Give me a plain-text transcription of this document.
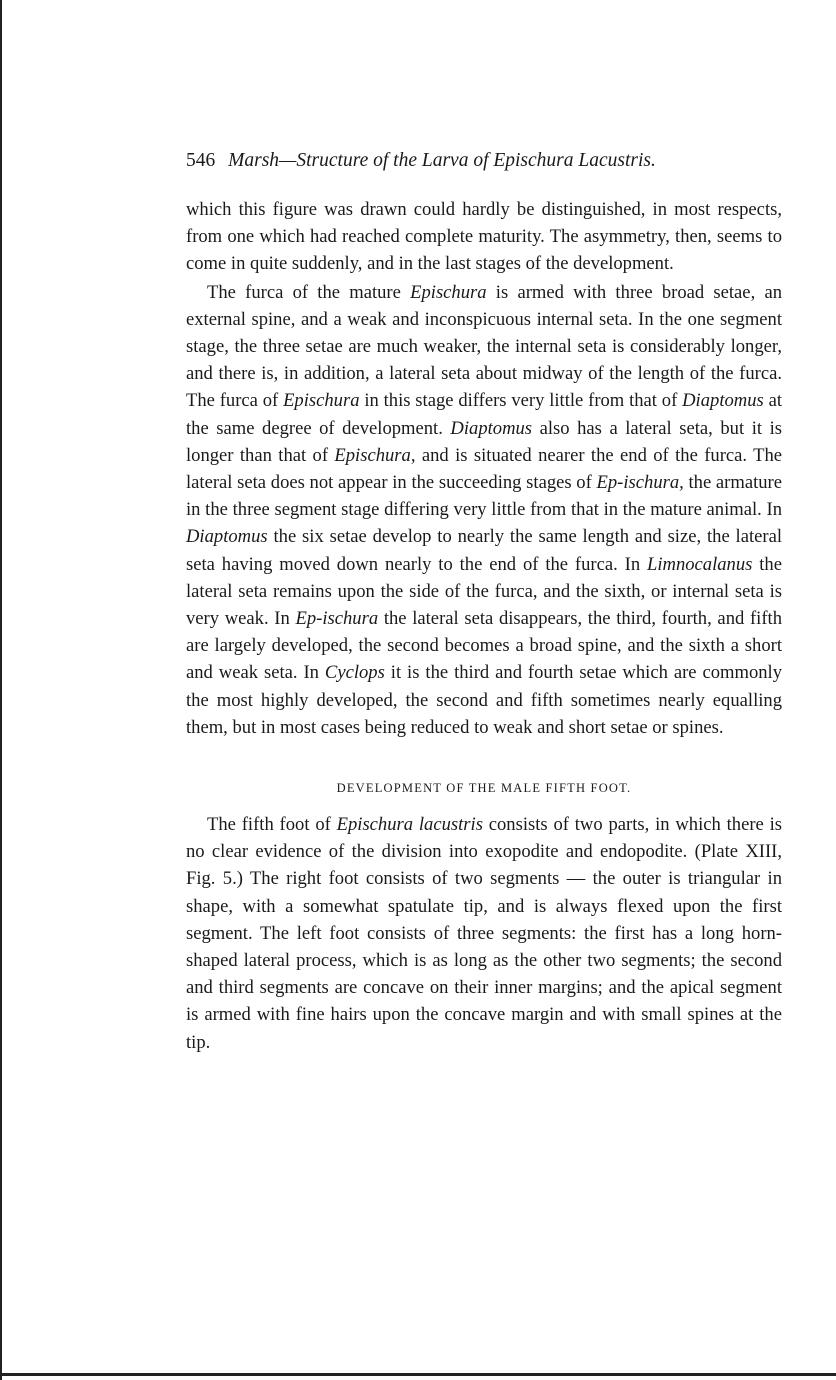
546 Marsh—Structure of the Larva of Epischura Lacustris.

which this figure was drawn could hardly be distinguished, in most respects, from one which had reached complete maturity. The asymmetry, then, seems to come in quite suddenly, and in the last stages of the development.

The furca of the mature Epischura is armed with three broad setae, an external spine, and a weak and inconspicuous internal seta. In the one segment stage, the three setae are much weaker, the internal seta is considerably longer, and there is, in addition, a lateral seta about midway of the length of the furca. The furca of Epischura in this stage differs very little from that of Diaptomus at the same degree of development. Diaptomus also has a lateral seta, but it is longer than that of Epischura, and is situated nearer the end of the furca. The lateral seta does not appear in the succeeding stages of Ep-ischura, the armature in the three segment stage differing very little from that in the mature animal. In Diaptomus the six setae develop to nearly the same length and size, the lateral seta having moved down nearly to the end of the furca. In Limnocalanus the lateral seta remains upon the side of the furca, and the sixth, or internal seta is very weak. In Ep-ischura the lateral seta disappears, the third, fourth, and fifth are largely developed, the second becomes a broad spine, and the sixth a short and weak seta. In Cyclops it is the third and fourth setae which are commonly the most highly developed, the second and fifth sometimes nearly equalling them, but in most cases being reduced to weak and short setae or spines.

DEVELOPMENT OF THE MALE FIFTH FOOT.

The fifth foot of Epischura lacustris consists of two parts, in which there is no clear evidence of the division into exopodite and endopodite. (Plate XIII, Fig. 5.) The right foot consists of two segments — the outer is triangular in shape, with a somewhat spatulate tip, and is always flexed upon the first segment. The left foot consists of three segments: the first has a long horn-shaped lateral process, which is as long as the other two segments; the second and third segments are concave on their inner margins; and the apical segment is armed with fine hairs upon the concave margin and with small spines at the tip.
